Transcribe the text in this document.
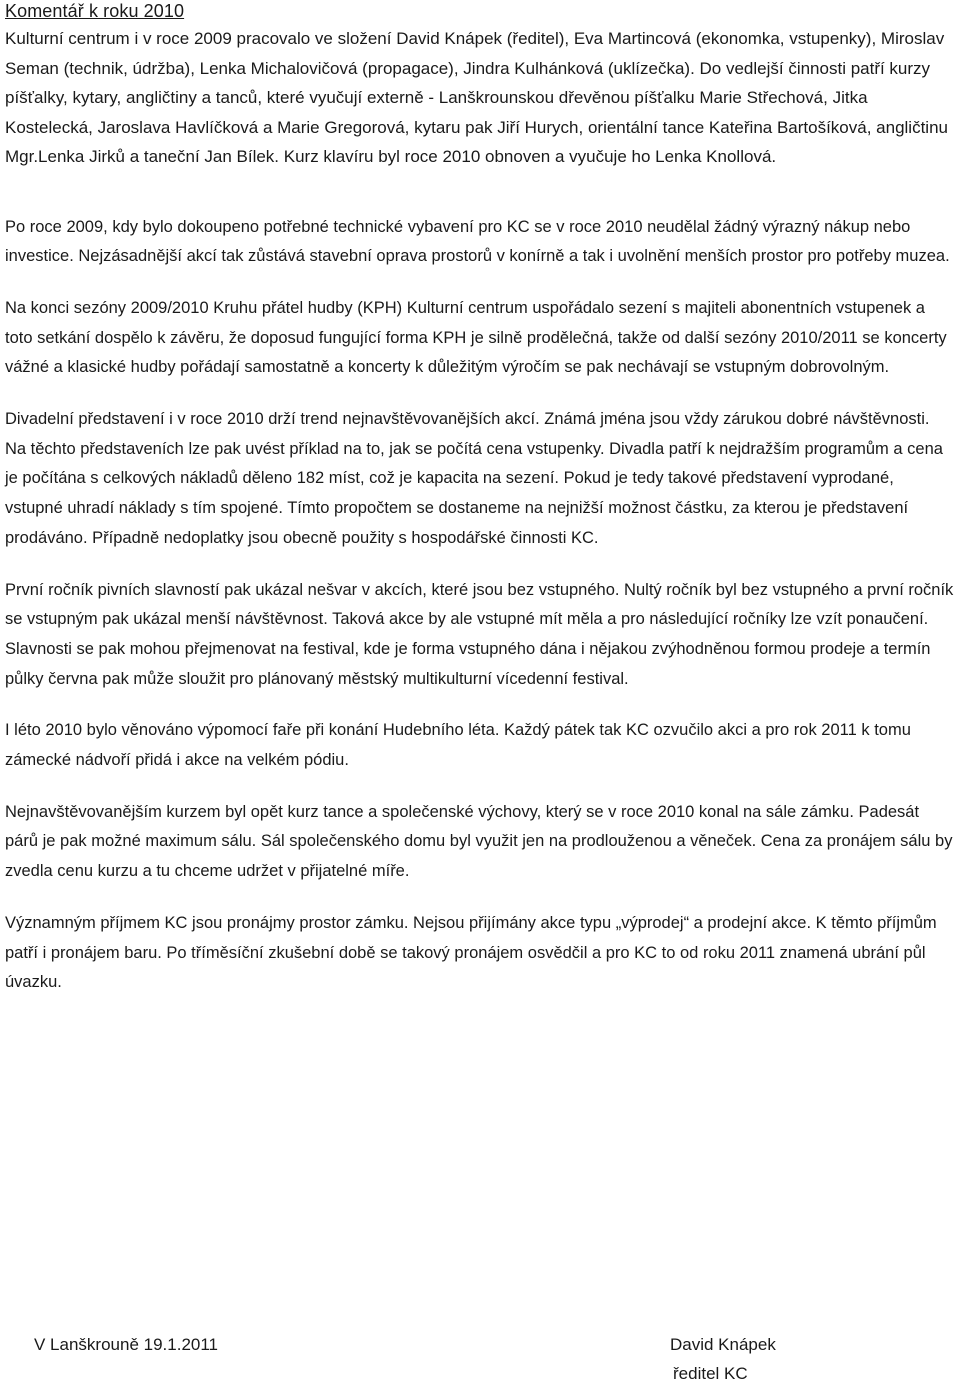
Komentář k roku 2010

Kulturní centrum i v roce 2009 pracovalo ve složení David Knápek (ředitel), Eva Martincová (ekonomka, vstupenky), Miroslav Seman (technik, údržba), Lenka Michalovičová (propagace), Jindra Kulhánková (uklízečka). Do vedlejší činnosti patří kurzy píšťalky, kytary, angličtiny a tanců, které vyučují externě - Lanškrounskou dřevěnou píšťalku Marie Střechová, Jitka Kostelecká, Jaroslava Havlíčková a Marie Gregorová, kytaru pak Jiří Hurych, orientální tance Kateřina Bartošíková, angličtinu Mgr.Lenka Jirků a taneční Jan Bílek. Kurz klavíru byl roce 2010 obnoven a vyučuje ho Lenka Knollová.

Po roce 2009, kdy bylo dokoupeno potřebné technické vybavení pro KC se v roce 2010 neudělal žádný výrazný nákup nebo investice. Nejzásadnější akcí tak zůstává stavební oprava prostorů v konírně a tak i uvolnění menších prostor pro potřeby muzea.

Na konci sezóny 2009/2010 Kruhu přátel hudby (KPH) Kulturní centrum uspořádalo sezení s majiteli abonentních vstupenek a toto setkání dospělo k závěru, že doposud fungující forma KPH je silně prodělečná, takže od další sezóny 2010/2011 se koncerty vážné a klasické hudby pořádají samostatně a koncerty k důležitým výročím se pak nechávají se vstupným dobrovolným.

Divadelní představení i v roce 2010 drží trend nejnavštěvovanějších akcí. Známá jména jsou vždy zárukou dobré návštěvnosti. Na těchto představeních lze pak uvést příklad na to, jak se počítá cena vstupenky. Divadla patří k nejdražším programům a cena je počítána s celkových nákladů děleno 182 míst, což je kapacita na sezení. Pokud je tedy takové představení vyprodané, vstupné uhradí náklady s tím spojené. Tímto propočtem se dostaneme na nejnižší možnost částku, za kterou je představení prodáváno. Případně nedoplatky jsou obecně použity s hospodářské činnosti KC.

První ročník pivních slavností pak ukázal nešvar v akcích, které jsou bez vstupného. Nultý ročník byl bez vstupného a první ročník se vstupným pak ukázal menší návštěvnost. Taková akce by ale vstupné mít měla a pro následující ročníky lze vzít ponaučení. Slavnosti se pak mohou přejmenovat na festival, kde je forma vstupného dána i nějakou zvýhodněnou formou prodeje a termín půlky června pak může sloužit pro plánovaný městský multikulturní vícedenní festival.

I léto 2010 bylo věnováno výpomocí faře při konání Hudebního léta. Každý pátek tak KC ozvučilo akci a pro rok 2011 k tomu zámecké nádvoří přidá i akce na velkém pódiu.

Nejnavštěvovanějším kurzem byl opět kurz tance a společenské výchovy, který se v roce 2010 konal na sále zámku. Padesát párů je pak možné maximum sálu. Sál společenského domu byl využit jen na prodlouženou a věneček. Cena za pronájem sálu by zvedla cenu kurzu a tu chceme udržet v přijatelné míře.

Významným příjmem KC jsou pronájmy prostor zámku. Nejsou přijímány akce typu „výprodej“ a prodejní akce. K těmto příjmům patří i pronájem baru. Po tříměsíční zkušební době se takový pronájem osvědčil a pro KC to od roku 2011 znamená ubrání půl úvazku.

V Lanškrouně 19.1.2011	David Knápek
ředitel KC
